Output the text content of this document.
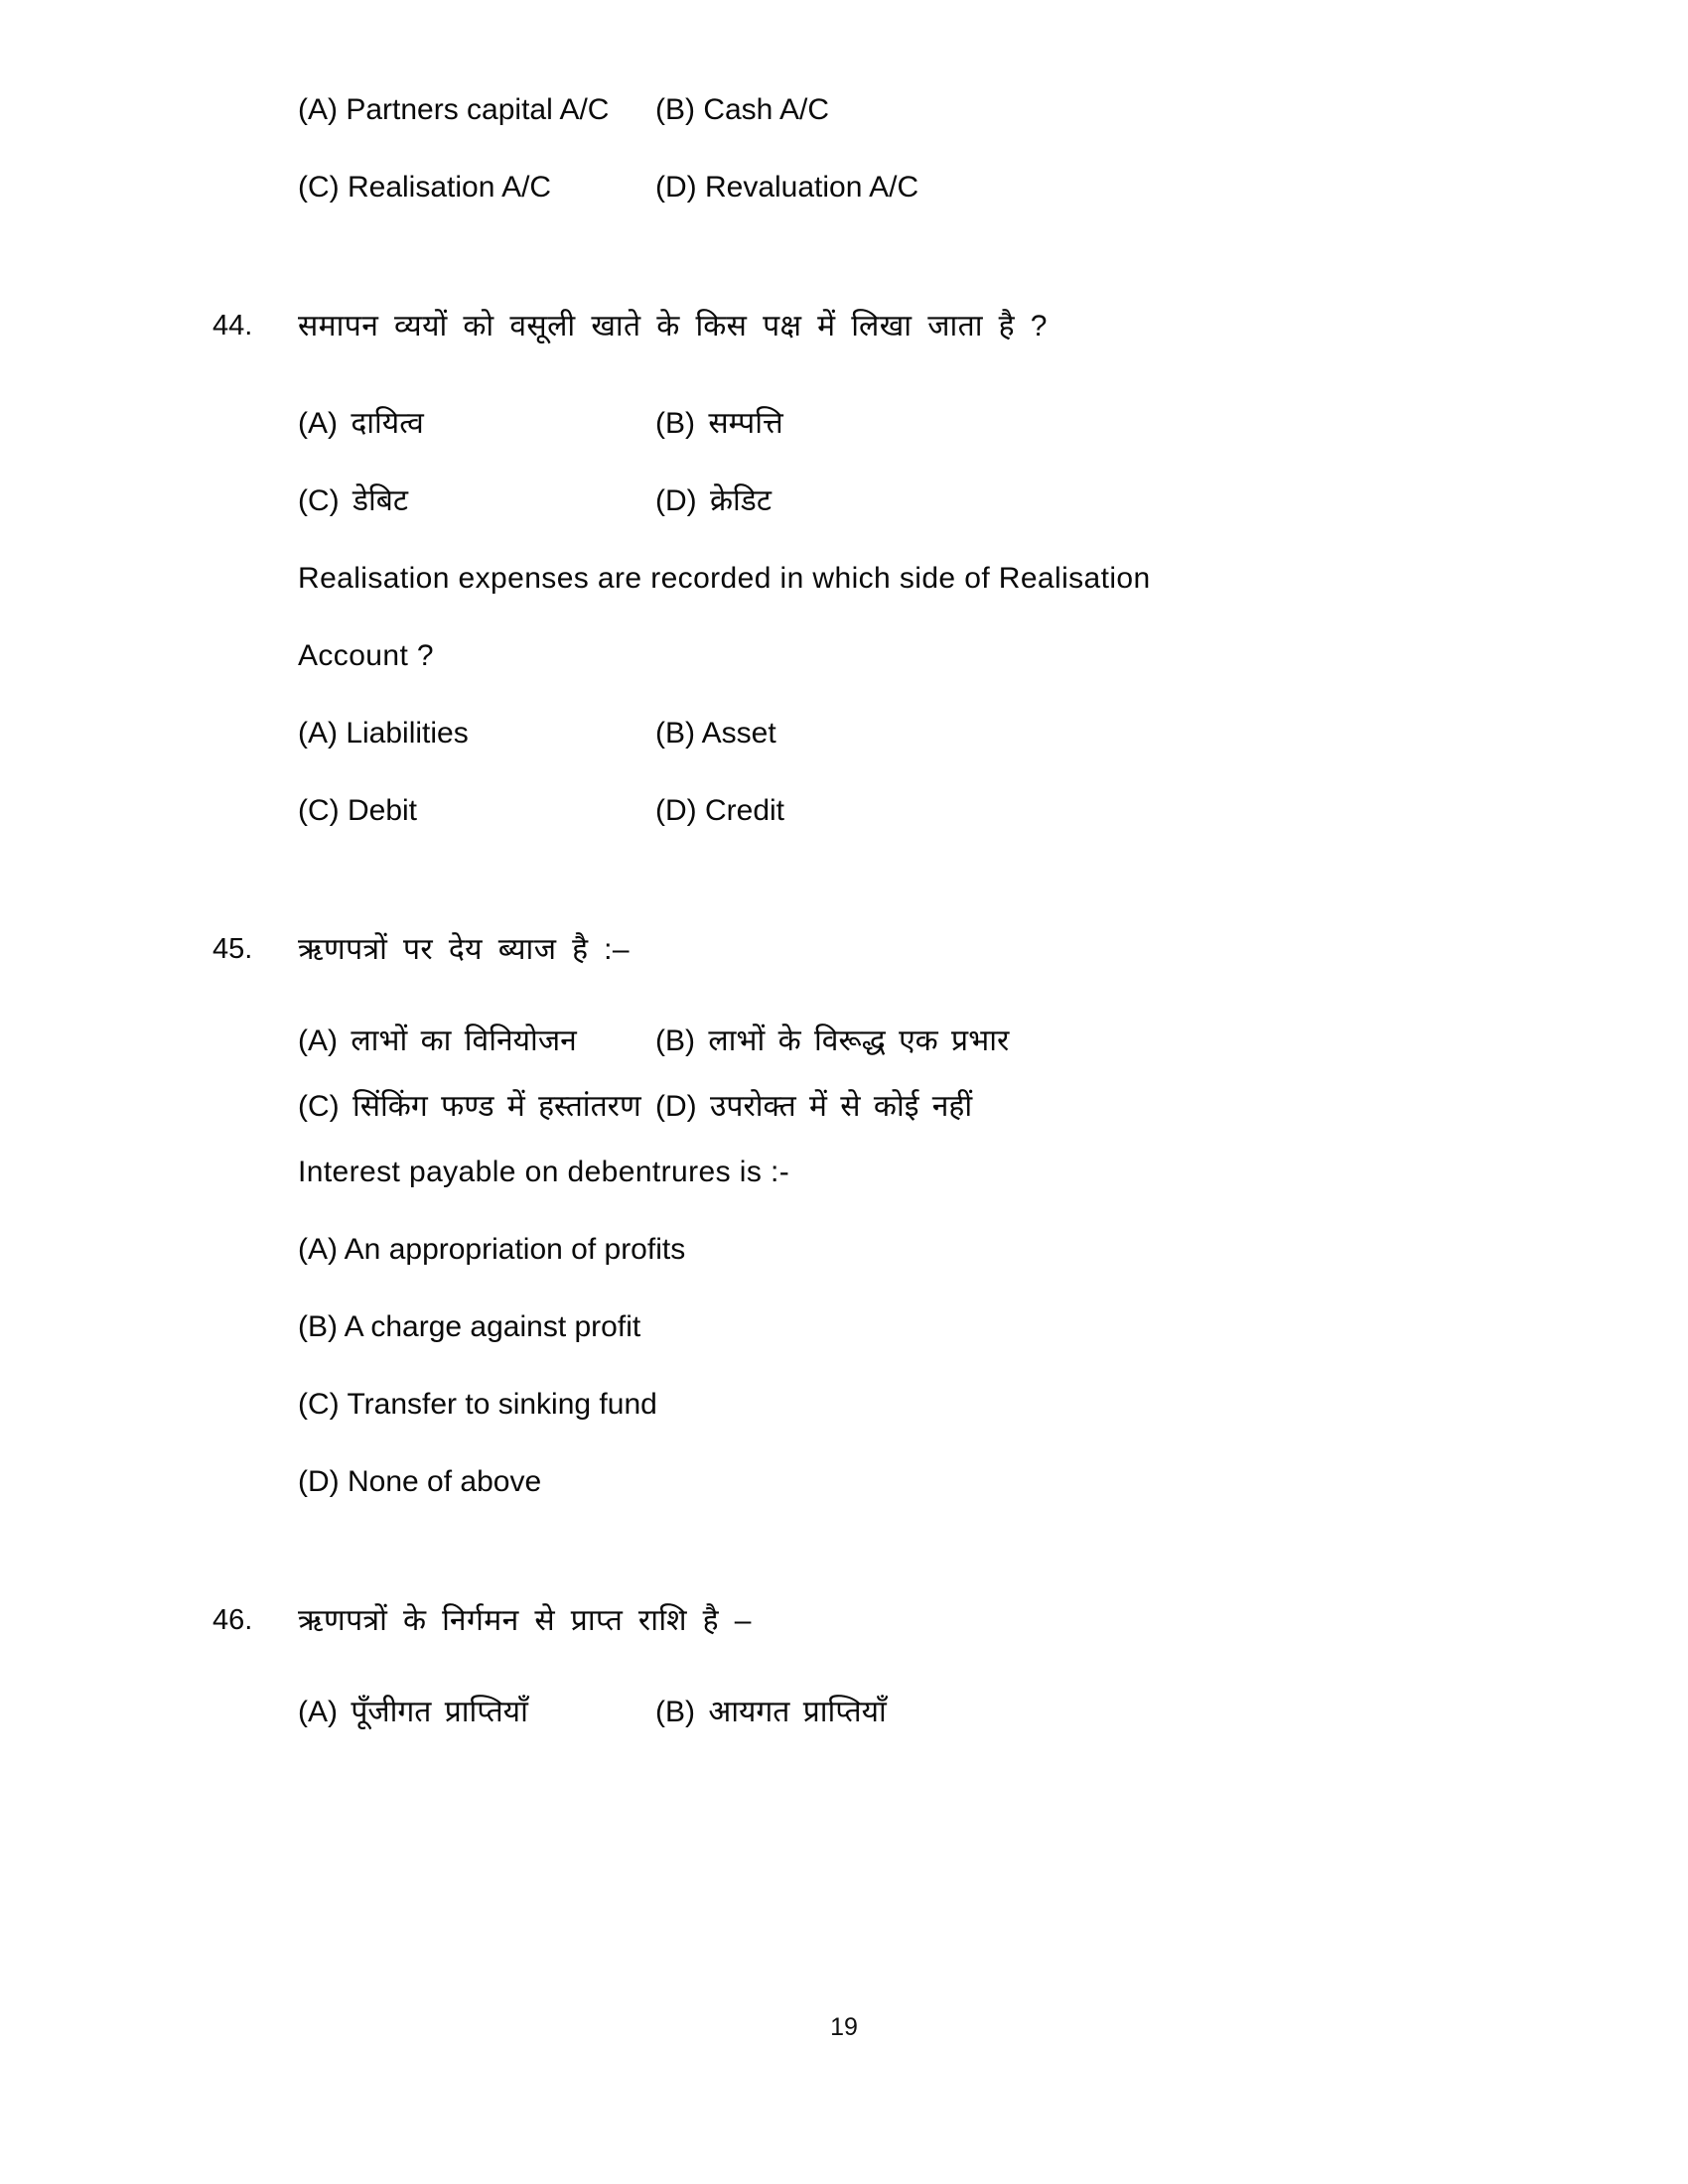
(A) Partners capital A/C	(B) Cash A/C
(C) Realisation A/C	(D) Revaluation A/C
44.	समापन व्ययों को वसूली खाते के किस पक्ष में लिखा जाता है ?
(A) दायित्व	(B) सम्पत्ति
(C) डेबिट	(D) क्रेडिट
Realisation expenses are recorded in which side of Realisation
Account ?
(A) Liabilities	(B) Asset
(C) Debit	(D) Credit
45.	ऋणपत्रों पर देय ब्याज है :–
(A) लाभों का विनियोजन	(B) लाभों के विरूद्ध एक प्रभार
(C) सिंकिंग फण्ड में हस्तांतरण (D) उपरोक्त में से कोई नहीं
Interest payable on debentrures is :-
(A) An appropriation of profits
(B) A charge against profit
(C) Transfer to sinking fund
(D) None of above
46.	ऋणपत्रों के निर्गमन से प्राप्त राशि है –
(A) पूँजीगत प्राप्तियाँ	(B) आयगत प्राप्तियाँ
19
